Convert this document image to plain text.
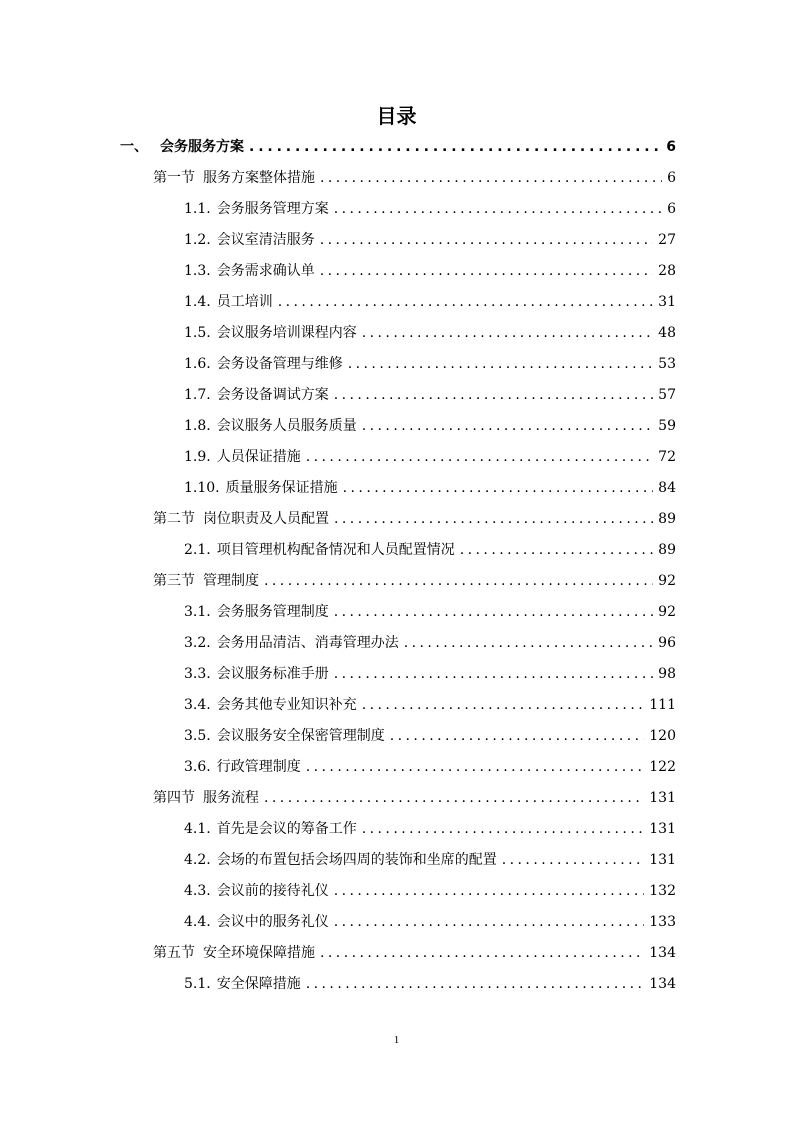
目录
一、 会务服务方案 . . .	6
第一节 服务方案整体措施 . . .	6
1.1. 会务服务管理方案 . . .	6
1.2. 会议室清洁服务 . . .	27
1.3. 会务需求确认单 . . .	28
1.4. 员工培训 . . .	31
1.5. 会议服务培训课程内容 . . .	48
1.6. 会务设备管理与维修 . . .	53
1.7. 会务设备调试方案 . . .	57
1.8. 会议服务人员服务质量 . . .	59
1.9. 人员保证措施 . . .	72
1.10. 质量服务保证措施 . . .	84
第二节 岗位职责及人员配置 . . .	89
2.1. 项目管理机构配备情况和人员配置情况 . . .	89
第三节 管理制度 . . .	92
3.1. 会务服务管理制度 . . .	92
3.2. 会务用品清洁、消毒管理办法 . . .	96
3.3. 会议服务标准手册 . . .	98
3.4. 会务其他专业知识补充 . . .	111
3.5. 会议服务安全保密管理制度 . . .	120
3.6. 行政管理制度 . . .	122
第四节 服务流程 . . .	131
4.1. 首先是会议的筹备工作 . . .	131
4.2. 会场的布置包括会场四周的装饰和坐席的配置 . . .	131
4.3. 会议前的接待礼仪 . . .	132
4.4. 会议中的服务礼仪 . . .	133
第五节 安全环境保障措施 . . .	134
5.1. 安全保障措施 . . .	134
1
